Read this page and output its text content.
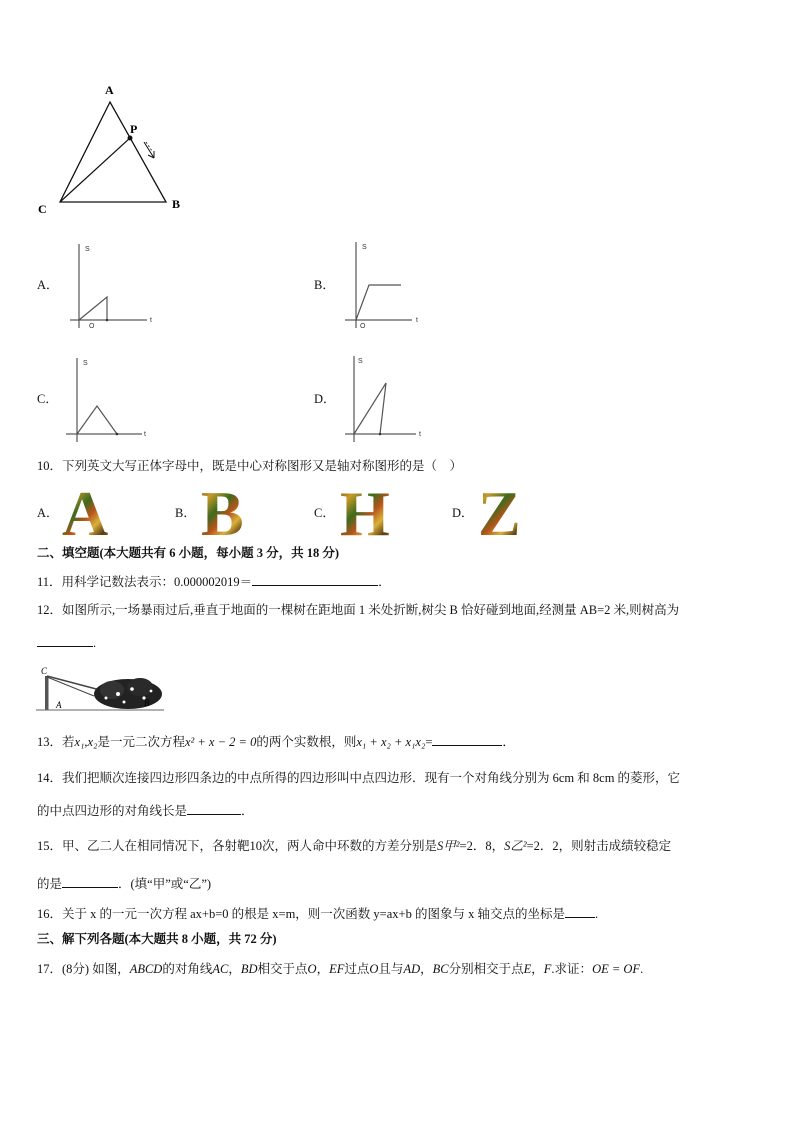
A
P
C	B
A．
S
t
O
B．
S
t
O
C．
S
t
D．
S
t
10．下列英文大写正体字母中，既是中心对称图形又是轴对称图形的是（　）
A． A	B． B	C． H	D． Z
二、填空题(本大题共有 6 小题，每小题 3 分，共 18 分)
11．用科学记数法表示：0.000002019＝	．
12．如图所示,一场暴雨过后,垂直于地面的一棵树在距地面 1 米处折断,树尖 B 恰好碰到地面,经测量 AB=2 米,则树高为
.
C
A	B
13．若x₁,x₂是一元二次方程x² + x − 2 = 0的两个实数根，则x₁ + x₂ + x₁x₂=	．
14．我们把顺次连接四边形四条边的中点所得的四边形叫中点四边形．现有一个对角线分别为 6cm 和 8cm 的菱形，它
的中点四边形的对角线长是	．
15．甲、乙二人在相同情况下，各射靶10次，两人命中环数的方差分别是S甲²=2．8，S乙²=2．2，则射击成绩较稳定
的是	．(填“甲”或“乙”)
16．关于 x 的一元一次方程 ax+b=0 的根是 x=m，则一次函数 y=ax+b 的图象与 x 轴交点的坐标是 .
三、解下列各题(本大题共 8 小题，共 72 分)
17．(8分) 如图，ABCD的对角线AC，BD相交于点O，EF过点O且与AD，BC分别相交于点E，F.求证：OE = OF.
